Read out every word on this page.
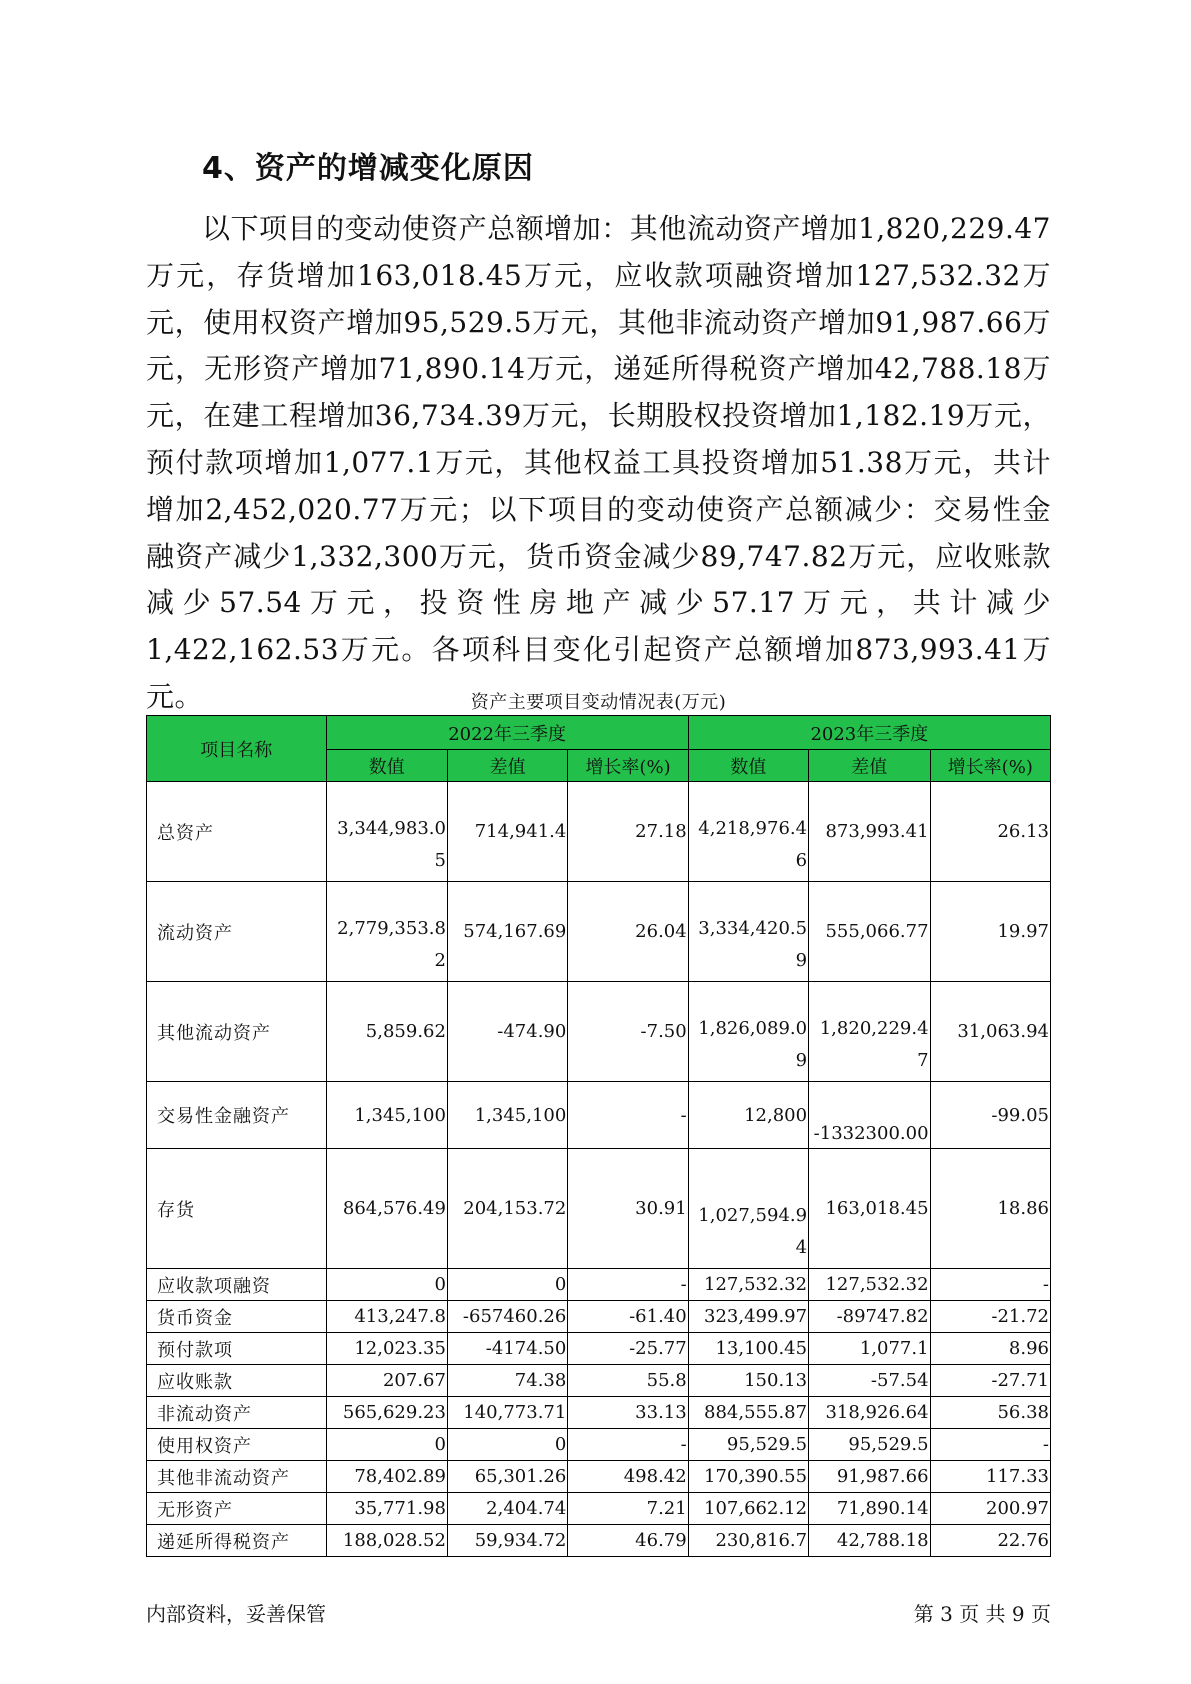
4、资产的增减变化原因

以下项目的变动使资产总额增加：其他流动资产增加1,820,229.47万元，存货增加163,018.45万元，应收款项融资增加127,532.32万元，使用权资产增加95,529.5万元，其他非流动资产增加91,987.66万元，无形资产增加71,890.14万元，递延所得税资产增加42,788.18万元，在建工程增加36,734.39万元，长期股权投资增加1,182.19万元，预付款项增加1,077.1万元，其他权益工具投资增加51.38万元，共计增加2,452,020.77万元；以下项目的变动使资产总额减少：交易性金融资产减少1,332,300万元，货币资金减少89,747.82万元，应收账款减少57.54万元，投资性房地产减少57.17万元，共计减少1,422,162.53万元。各项科目变化引起资产总额增加873,993.41万元。	资产主要项目变动情况表(万元)
项目名称	2022年三季度			2023年三季度		
	数值	差值	增长率(%)	数值	差值	增长率(%)
总资产	3,344,983.05	714,941.4	27.18	4,218,976.46	873,993.41	26.13
流动资产	2,779,353.82	574,167.69	26.04	3,334,420.59	555,066.77	19.97
其他流动资产	5,859.62	-474.90	-7.50	1,826,089.09	1,820,229.47	31,063.94
交易性金融资产	1,345,100	1,345,100	-	12,800	-1332300.00	-99.05
存货	864,576.49	204,153.72	30.91	1,027,594.94	163,018.45	18.86
应收款项融资	0	0	-	127,532.32	127,532.32	-
货币资金	413,247.8	-657460.26	-61.40	323,499.97	-89747.82	-21.72
预付款项	12,023.35	-4174.50	-25.77	13,100.45	1,077.1	8.96
应收账款	207.67	74.38	55.8	150.13	-57.54	-27.71
非流动资产	565,629.23	140,773.71	33.13	884,555.87	318,926.64	56.38
使用权资产	0	0	-	95,529.5	95,529.5	-
其他非流动资产	78,402.89	65,301.26	498.42	170,390.55	91,987.66	117.33
无形资产	35,771.98	2,404.74	7.21	107,662.12	71,890.14	200.97
递延所得税资产	188,028.52	59,934.72	46.79	230,816.7	42,788.18	22.76
内部资料，妥善保管	第 3 页 共 9 页
